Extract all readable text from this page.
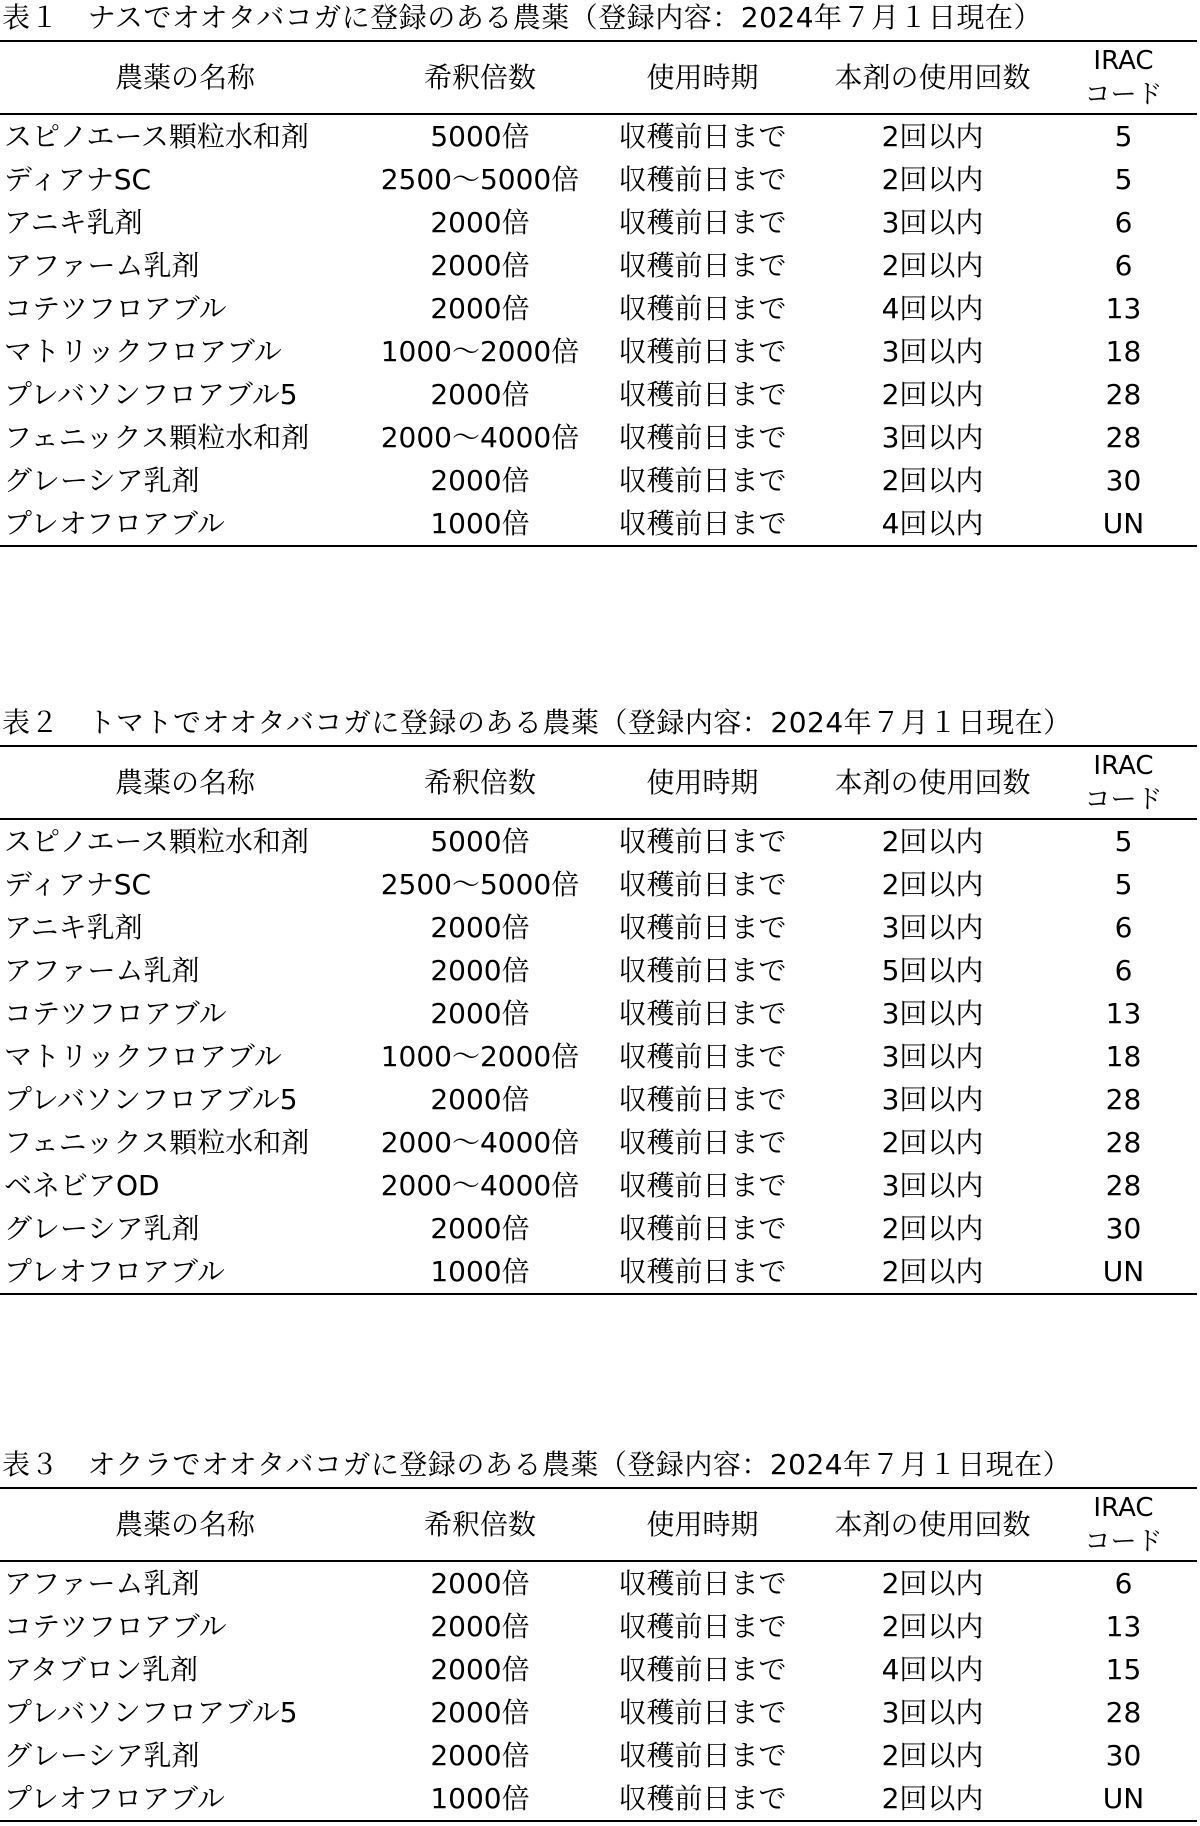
表１　ナスでオオタバコガに登録のある農薬（登録内容：2024年７月１日現在）
農薬の名称	希釈倍数	使用時期	本剤の使用回数	IRAC
コード
スピノエース顆粒水和剤	5000倍	収穫前日まで	2回以内	5
ディアナSC	2500～5000倍	収穫前日まで	2回以内	5
アニキ乳剤	2000倍	収穫前日まで	3回以内	6
アファーム乳剤	2000倍	収穫前日まで	2回以内	6
コテツフロアブル	2000倍	収穫前日まで	4回以内	13
マトリックフロアブル	1000～2000倍	収穫前日まで	3回以内	18
プレバソンフロアブル5	2000倍	収穫前日まで	2回以内	28
フェニックス顆粒水和剤	2000～4000倍	収穫前日まで	3回以内	28
グレーシア乳剤	2000倍	収穫前日まで	2回以内	30
プレオフロアブル	1000倍	収穫前日まで	4回以内	UN
表２　トマトでオオタバコガに登録のある農薬（登録内容：2024年７月１日現在）
農薬の名称	希釈倍数	使用時期	本剤の使用回数	IRAC
コード
スピノエース顆粒水和剤	5000倍	収穫前日まで	2回以内	5
ディアナSC	2500～5000倍	収穫前日まで	2回以内	5
アニキ乳剤	2000倍	収穫前日まで	3回以内	6
アファーム乳剤	2000倍	収穫前日まで	5回以内	6
コテツフロアブル	2000倍	収穫前日まで	3回以内	13
マトリックフロアブル	1000～2000倍	収穫前日まで	3回以内	18
プレバソンフロアブル5	2000倍	収穫前日まで	3回以内	28
フェニックス顆粒水和剤	2000～4000倍	収穫前日まで	2回以内	28
ベネビアOD	2000～4000倍	収穫前日まで	3回以内	28
グレーシア乳剤	2000倍	収穫前日まで	2回以内	30
プレオフロアブル	1000倍	収穫前日まで	2回以内	UN
表３　オクラでオオタバコガに登録のある農薬（登録内容：2024年７月１日現在）
農薬の名称	希釈倍数	使用時期	本剤の使用回数	IRAC
コード
アファーム乳剤	2000倍	収穫前日まで	2回以内	6
コテツフロアブル	2000倍	収穫前日まで	2回以内	13
アタブロン乳剤	2000倍	収穫前日まで	4回以内	15
プレバソンフロアブル5	2000倍	収穫前日まで	3回以内	28
グレーシア乳剤	2000倍	収穫前日まで	2回以内	30
プレオフロアブル	1000倍	収穫前日まで	2回以内	UN
